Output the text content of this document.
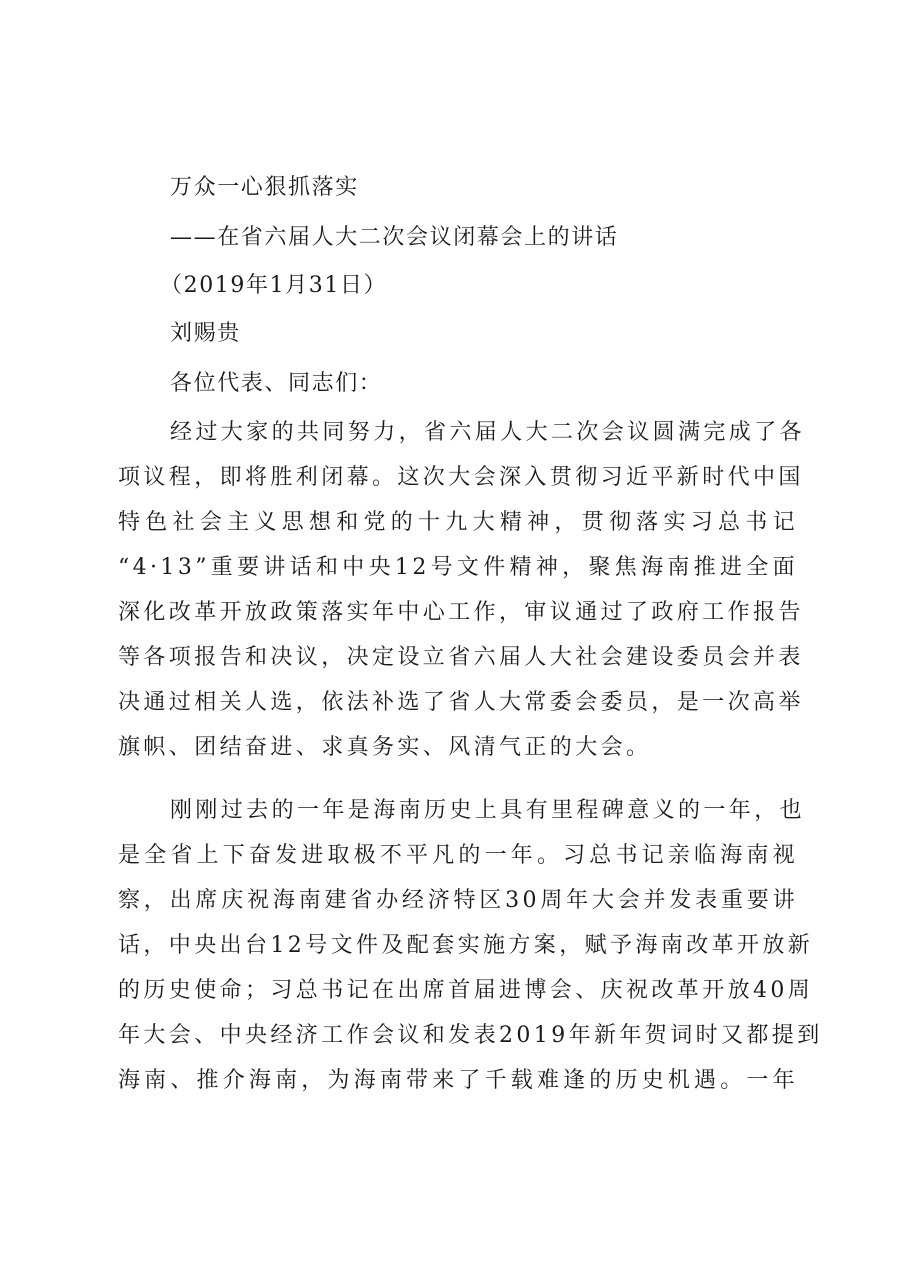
万众一心狠抓落实

——在省六届人大二次会议闭幕会上的讲话

（2019年1月31日）

刘赐贵

各位代表、同志们：

经过大家的共同努力，省六届人大二次会议圆满完成了各
项议程，即将胜利闭幕。这次大会深入贯彻习近平新时代中国
特色社会主义思想和党的十九大精神，贯彻落实习总书记
“4·13”重要讲话和中央12号文件精神，聚焦海南推进全面
深化改革开放政策落实年中心工作，审议通过了政府工作报告
等各项报告和决议，决定设立省六届人大社会建设委员会并表
决通过相关人选，依法补选了省人大常委会委员，是一次高举
旗帜、团结奋进、求真务实、风清气正的大会。
刚刚过去的一年是海南历史上具有里程碑意义的一年，也
是全省上下奋发进取极不平凡的一年。习总书记亲临海南视
察，出席庆祝海南建省办经济特区30周年大会并发表重要讲
话，中央出台12号文件及配套实施方案，赋予海南改革开放新
的历史使命；习总书记在出席首届进博会、庆祝改革开放40周
年大会、中央经济工作会议和发表2019年新年贺词时又都提到
海南、推介海南，为海南带来了千载难逢的历史机遇。一年
